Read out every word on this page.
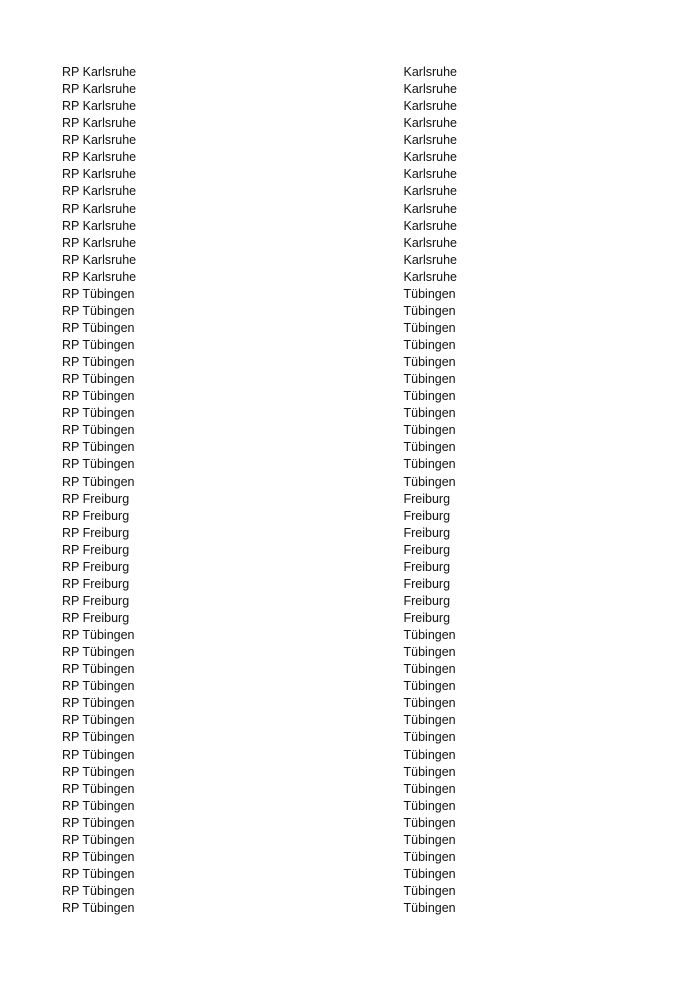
RP Karlsruhe	Karlsruhe
RP Karlsruhe	Karlsruhe
RP Karlsruhe	Karlsruhe
RP Karlsruhe	Karlsruhe
RP Karlsruhe	Karlsruhe
RP Karlsruhe	Karlsruhe
RP Karlsruhe	Karlsruhe
RP Karlsruhe	Karlsruhe
RP Karlsruhe	Karlsruhe
RP Karlsruhe	Karlsruhe
RP Karlsruhe	Karlsruhe
RP Karlsruhe	Karlsruhe
RP Karlsruhe	Karlsruhe
RP Tübingen	Tübingen
RP Tübingen	Tübingen
RP Tübingen	Tübingen
RP Tübingen	Tübingen
RP Tübingen	Tübingen
RP Tübingen	Tübingen
RP Tübingen	Tübingen
RP Tübingen	Tübingen
RP Tübingen	Tübingen
RP Tübingen	Tübingen
RP Tübingen	Tübingen
RP Tübingen	Tübingen
RP Freiburg	Freiburg
RP Freiburg	Freiburg
RP Freiburg	Freiburg
RP Freiburg	Freiburg
RP Freiburg	Freiburg
RP Freiburg	Freiburg
RP Freiburg	Freiburg
RP Freiburg	Freiburg
RP Tübingen	Tübingen
RP Tübingen	Tübingen
RP Tübingen	Tübingen
RP Tübingen	Tübingen
RP Tübingen	Tübingen
RP Tübingen	Tübingen
RP Tübingen	Tübingen
RP Tübingen	Tübingen
RP Tübingen	Tübingen
RP Tübingen	Tübingen
RP Tübingen	Tübingen
RP Tübingen	Tübingen
RP Tübingen	Tübingen
RP Tübingen	Tübingen
RP Tübingen	Tübingen
RP Tübingen	Tübingen
RP Tübingen	Tübingen
